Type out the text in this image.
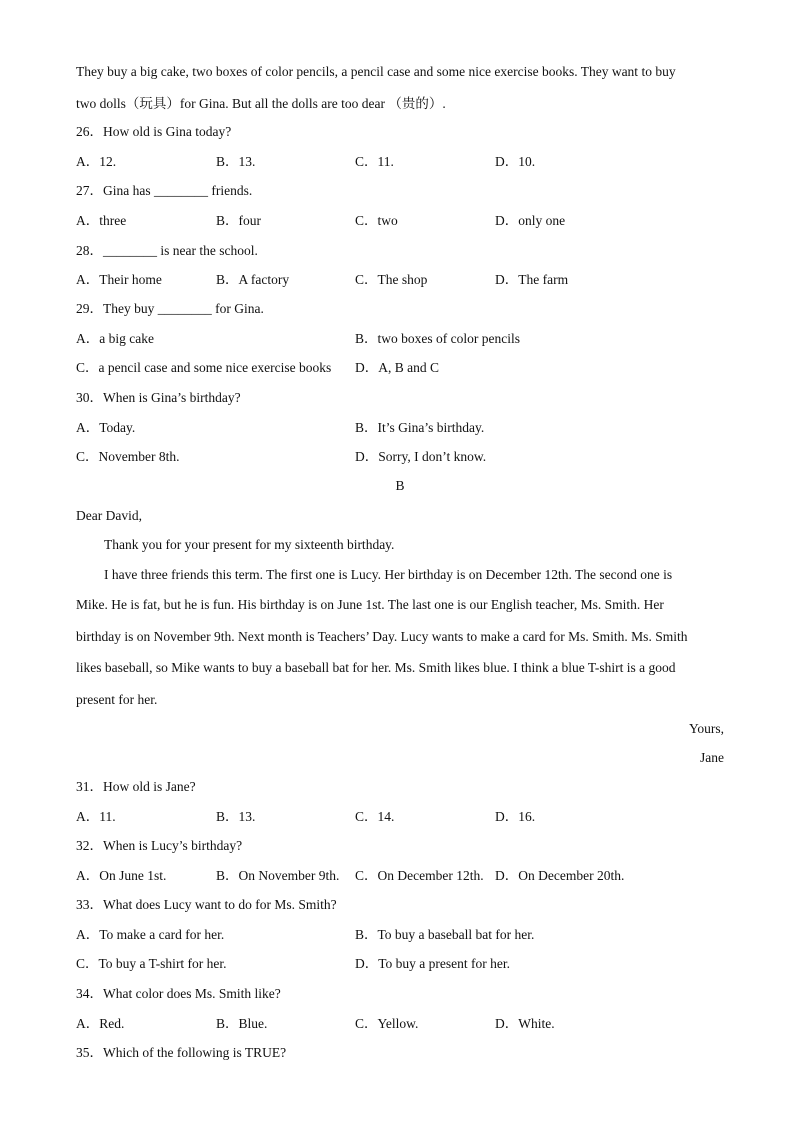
They buy a big cake, two boxes of color pencils, a pencil case and some nice exercise books. They want to buy
two dolls（玩具）for Gina. But all the dolls are too dear （贵的）.
26．How old is Gina today?
A．12.	B．13.	C．11.	D．10.
27．Gina has ________ friends.
A．three	B．four	C．two	D．only one
28．________ is near the school.
A．Their home	B．A factory	C．The shop	D．The farm
29．They buy ________ for Gina.
A．a big cake	B．two boxes of color pencils
C．a pencil case and some nice exercise books D．A, B and C
30．When is Gina’s birthday?
A．Today.	B．It’s Gina’s birthday.
C．November 8th.	D．Sorry, I don’t know.
B
Dear David,
Thank you for your present for my sixteenth birthday.
I have three friends this term. The first one is Lucy. Her birthday is on December 12th. The second one is
Mike. He is fat, but he is fun. His birthday is on June 1st. The last one is our English teacher, Ms. Smith. Her
birthday is on November 9th. Next month is Teachers’ Day. Lucy wants to make a card for Ms. Smith. Ms. Smith
likes baseball, so Mike wants to buy a baseball bat for her. Ms. Smith likes blue. I think a blue T-shirt is a good
present for her.
Yours,
Jane
31．How old is Jane?
A．11.	B．13.	C．14.	D．16.
32．When is Lucy’s birthday?
A．On June 1st.	B．On November 9th. C．On December 12th. D．On December 20th.
33．What does Lucy want to do for Ms. Smith?
A．To make a card for her.	B．To buy a baseball bat for her.
C．To buy a T-shirt for her.	D．To buy a present for her.
34．What color does Ms. Smith like?
A．Red.	B．Blue.	C．Yellow.	D．White.
35．Which of the following is TRUE?
